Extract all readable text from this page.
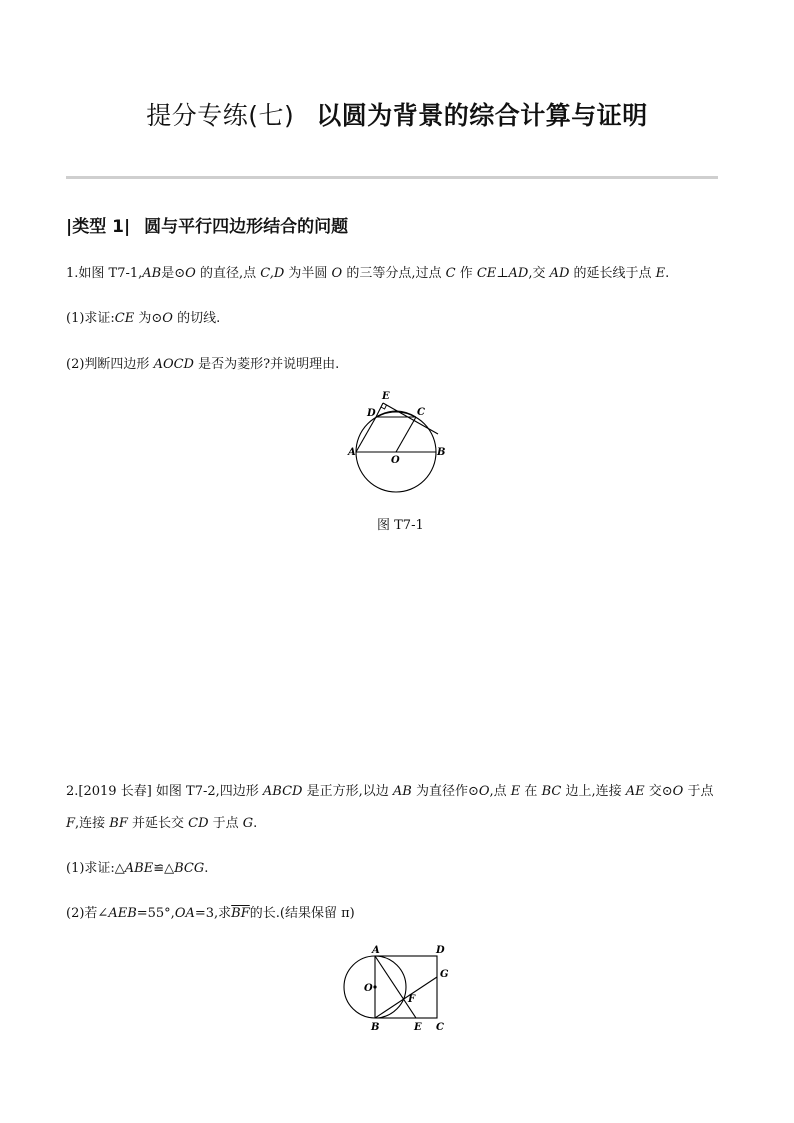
提分专练(七) 以圆为背景的综合计算与证明
|类型 1| 圆与平行四边形结合的问题
1.如图 T7-1,AB是⊙O 的直径,点 C,D 为半圆 O 的三等分点,过点 C 作 CE⊥AD,交 AD 的延长线于点 E.
(1)求证:CE 为⊙O 的切线.
(2)判断四边形 AOCD 是否为菱形?并说明理由.
E
D	C
A
O
B
图 T7-1
2.[2019 长春] 如图 T7-2,四边形 ABCD 是正方形,以边 AB 为直径作⊙O,点 E 在 BC 边上,连接 AE 交⊙O 于点
F,连接 BF 并延长交 CD 于点 G.
(1)求证:△ABE≌△BCG.
(2)若∠AEB=55°,OA=3,求$\overline{BF}$的长.(结果保留 π)
A	D
G
O
F
B	E C
